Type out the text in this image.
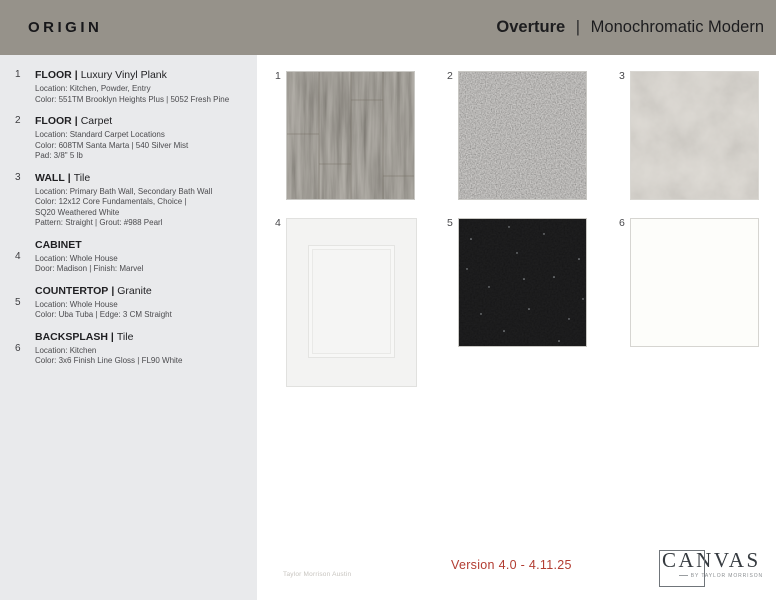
ORIGIN	Overture | Monochromatic Modern
1	FLOOR | Luxury Vinyl Plank
Location: Kitchen, Powder, Entry
Color: 551TM Brooklyn Heights Plus | 5052 Fresh Pine
2	FLOOR | Carpet
Location: Standard Carpet Locations
Color: 608TM Santa Marta | 540 Silver Mist
Pad: 3/8" 5 lb
3	WALL | Tile
Location: Primary Bath Wall, Secondary Bath Wall
Color: 12x12 Core Fundamentals, Choice |
SQ20 Weathered White
Pattern: Straight | Grout: #988 Pearl
4
CABINET
Location: Whole House
Door: Madison | Finish: Marvel
5
COUNTERTOP | Granite
Location: Whole House
Color: Uba Tuba | Edge: 3 CM Straight
6
BACKSPLASH | Tile
Location: Kitchen
Color: 3x6 Finish Line Gloss | FL90 White
1	2	3
4	5	6
Taylor Morrison Austin
Version 4.0 - 4.11.25	CANVAS
BY TAYLOR MORRISON
